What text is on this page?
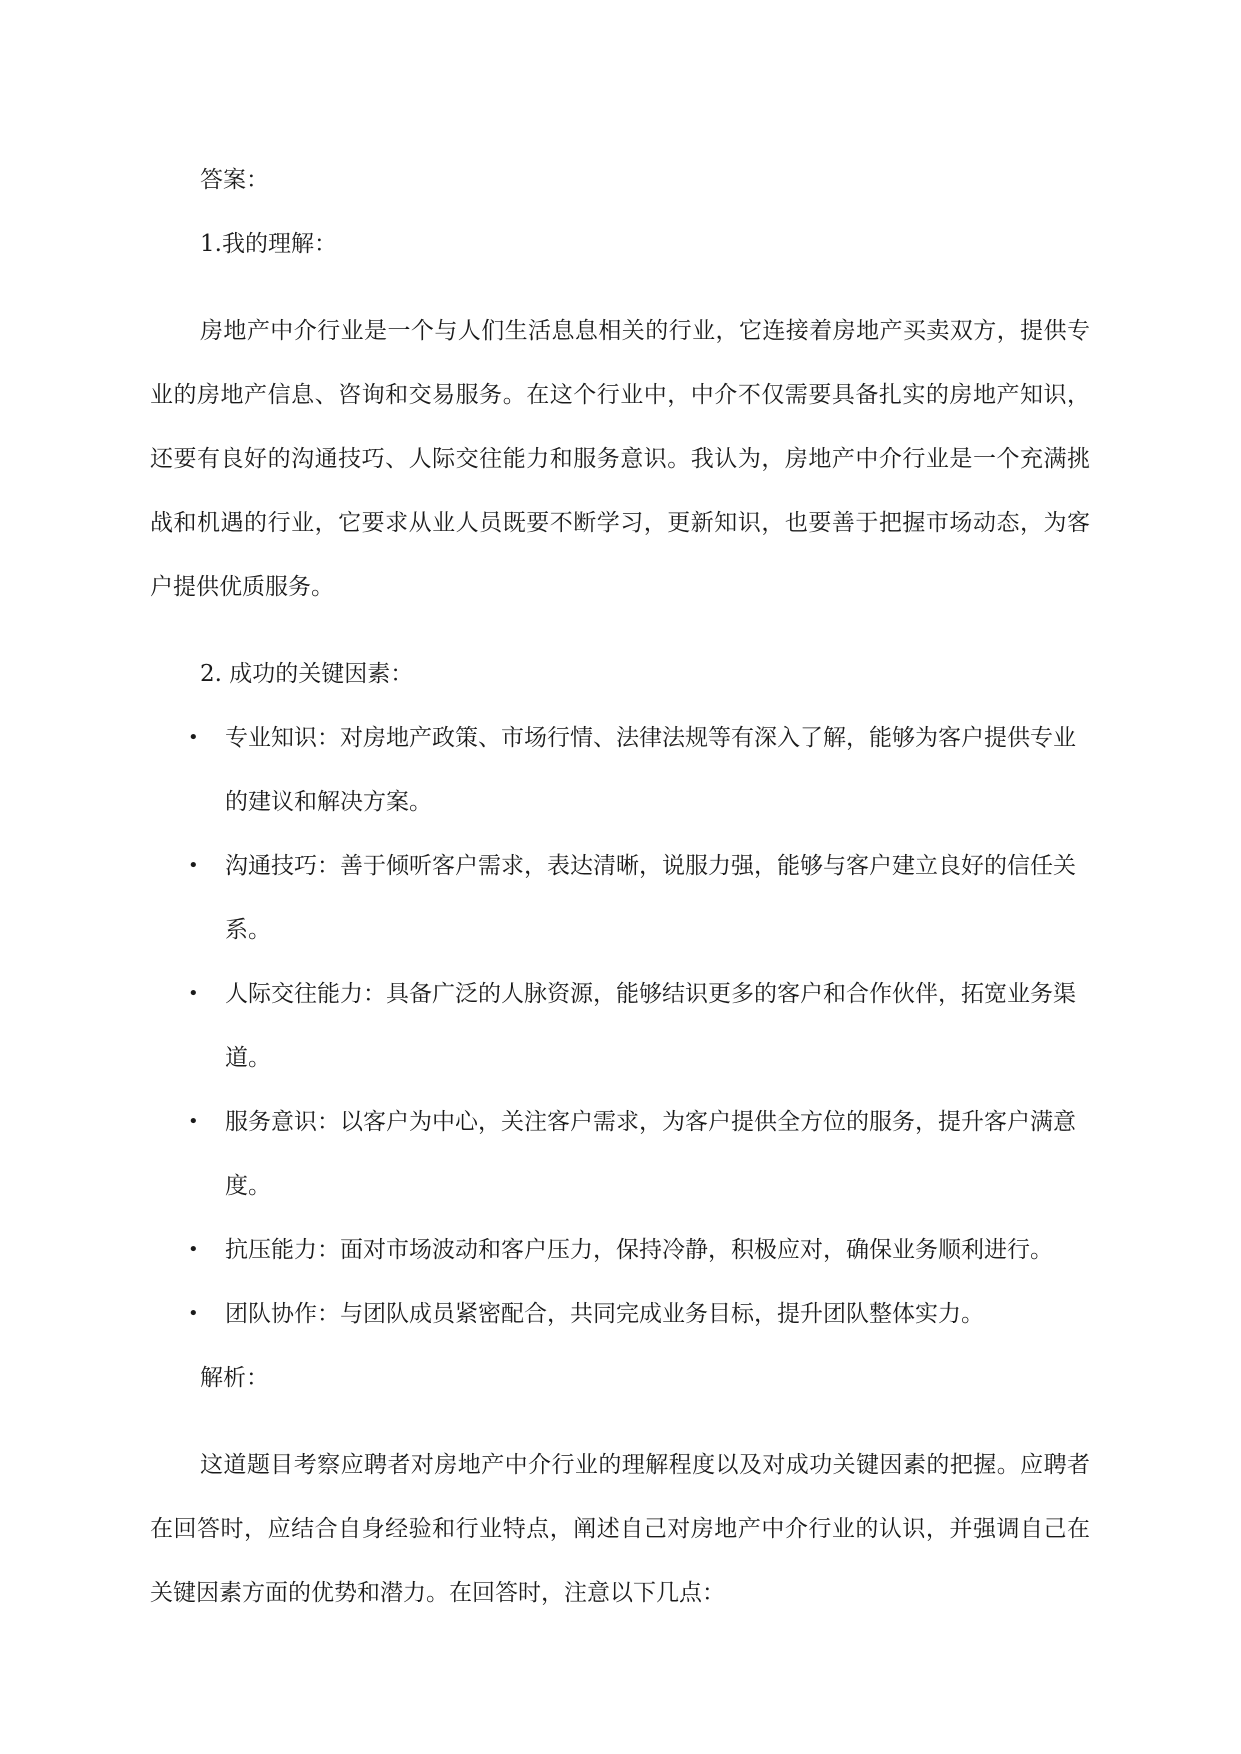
答案：

1.我的理解：

房地产中介行业是一个与人们生活息息相关的行业，它连接着房地产买卖双方，提供专业的房地产信息、咨询和交易服务。在这个行业中，中介不仅需要具备扎实的房地产知识，还要有良好的沟通技巧、人际交往能力和服务意识。我认为，房地产中介行业是一个充满挑战和机遇的行业，它要求从业人员既要不断学习，更新知识，也要善于把握市场动态，为客户提供优质服务。

2. 成功的关键因素：

• 专业知识：对房地产政策、市场行情、法律法规等有深入了解，能够为客户提供专业的建议和解决方案。
• 沟通技巧：善于倾听客户需求，表达清晰，说服力强，能够与客户建立良好的信任关系。
• 人际交往能力：具备广泛的人脉资源，能够结识更多的客户和合作伙伴，拓宽业务渠道。
• 服务意识：以客户为中心，关注客户需求，为客户提供全方位的服务，提升客户满意度。
• 抗压能力：面对市场波动和客户压力，保持冷静，积极应对，确保业务顺利进行。
• 团队协作：与团队成员紧密配合，共同完成业务目标，提升团队整体实力。

解析：

这道题目考察应聘者对房地产中介行业的理解程度以及对成功关键因素的把握。应聘者在回答时，应结合自身经验和行业特点，阐述自己对房地产中介行业的认识，并强调自己在关键因素方面的优势和潜力。在回答时，注意以下几点：
